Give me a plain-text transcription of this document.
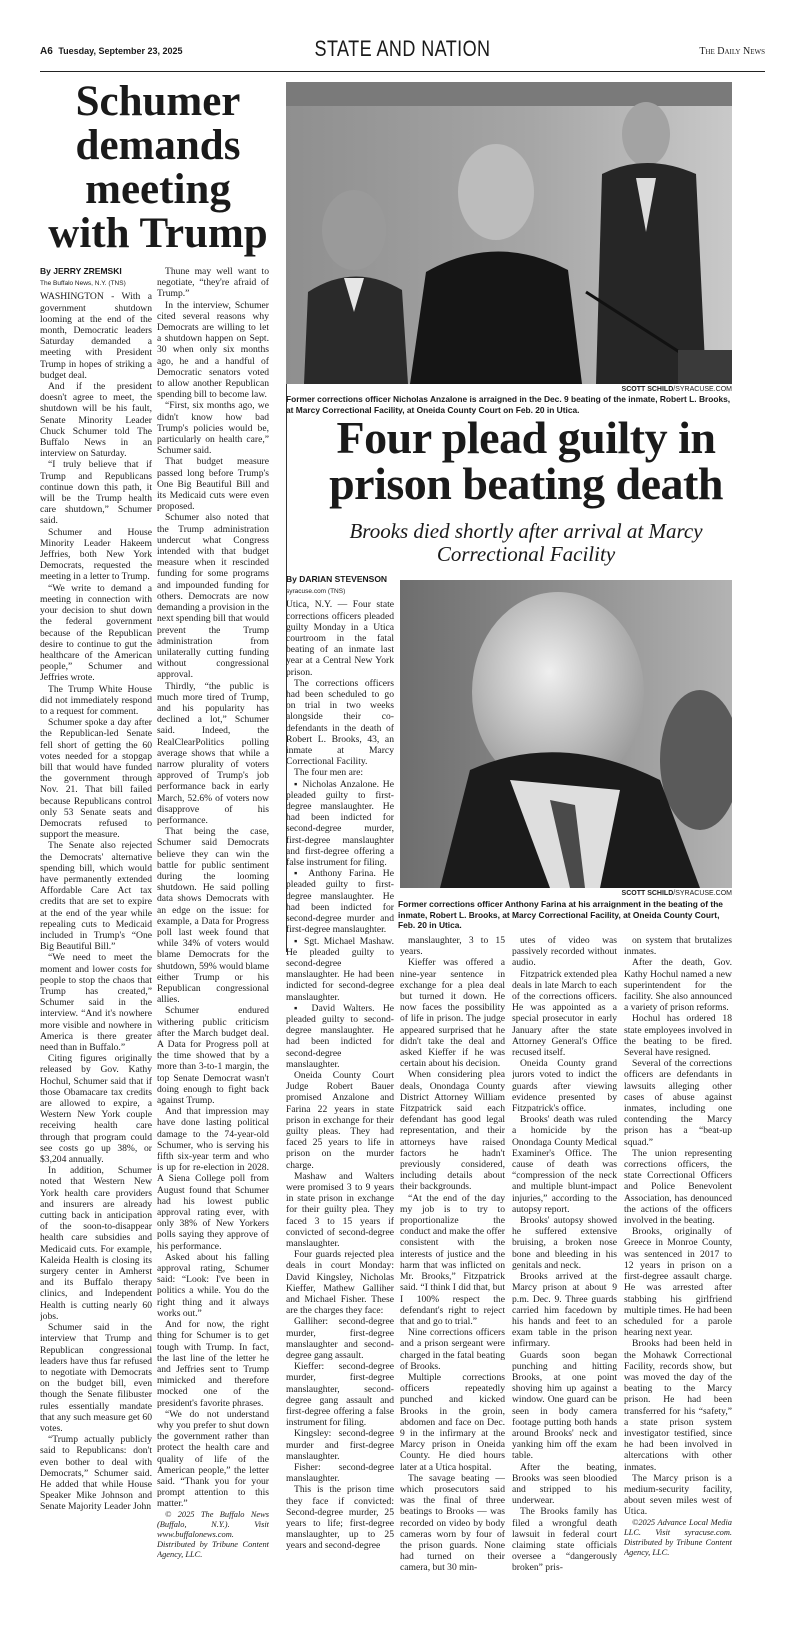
A6 Tuesday, September 23, 2025	STATE AND NATION	The Daily News
Schumer demands meeting with Trump
By JERRY ZREMSKI
The Buffalo News, N.Y. (TNS)

WASHINGTON - With a government shutdown looming at the end of the month, Democratic leaders Saturday demanded a meeting with President Trump in hopes of striking a budget deal.

And if the president doesn't agree to meet, the shutdown will be his fault, Senate Minority Leader Chuck Schumer told The Buffalo News in an interview on Saturday.

“I truly believe that if Trump and Republicans continue down this path, it will be the Trump health care shutdown,” Schumer said.

Schumer and House Minority Leader Hakeem Jeffries, both New York Democrats, requested the meeting in a letter to Trump.

“We write to demand a meeting in connection with your decision to shut down the federal government because of the Republican desire to continue to gut the healthcare of the American people,” Schumer and Jeffries wrote.

The Trump White House did not immediately respond to a request for comment.

Schumer spoke a day after the Republican-led Senate fell short of getting the 60 votes needed for a stopgap bill that would have funded the government through Nov. 21. That bill failed because Republicans control only 53 Senate seats and Democrats refused to support the measure.

The Senate also rejected the Democrats' alternative spending bill, which would have permanently extended Affordable Care Act tax credits that are set to expire at the end of the year while repealing cuts to Medicaid included in Trump's “One Big Beautiful Bill.”

“We need to meet the moment and lower costs for people to stop the chaos that Trump has created,” Schumer said in the interview. “And it's nowhere more visible and nowhere in America is there greater need than in Buffalo.”

Citing figures originally released by Gov. Kathy Hochul, Schumer said that if those Obamacare tax credits are allowed to expire, a Western New York couple receiving health care through that program could see costs go up 38%, or $3,204 annually.

In addition, Schumer noted that Western New York health care providers and insurers are already cutting back in anticipation of the soon-to-disappear health care subsidies and Medicaid cuts. For example, Kaleida Health is closing its surgery center in Amherst and its Buffalo therapy clinics, and Independent Health is cutting nearly 60 jobs.

Schumer said in the interview that Trump and Republican congressional leaders have thus far refused to negotiate with Democrats on the budget bill, even though the Senate filibuster rules essentially mandate that any such measure get 60 votes.

“Trump actually publicly said to Republicans: don't even bother to deal with Democrats,” Schumer said. He added that while House Speaker Mike Johnson and Senate Majority Leader John

Thune may well want to negotiate, “they're afraid of Trump.”

In the interview, Schumer cited several reasons why Democrats are willing to let a shutdown happen on Sept. 30 when only six months ago, he and a handful of Democratic senators voted to allow another Republican spending bill to become law.

“First, six months ago, we didn't know how bad Trump's policies would be, particularly on health care,” Schumer said.

That budget measure passed long before Trump's One Big Beautiful Bill and its Medicaid cuts were even proposed.

Schumer also noted that the Trump administration undercut what Congress intended with that budget measure when it rescinded funding for some programs and impounded funding for others. Democrats are now demanding a provision in the next spending bill that would prevent the Trump administration from unilaterally cutting funding without congressional approval.

Thirdly, “the public is much more tired of Trump, and his popularity has declined a lot,” Schumer said. Indeed, the RealClearPolitics polling average shows that while a narrow plurality of voters approved of Trump's job performance back in early March, 52.6% of voters now disapprove of his performance.

That being the case, Schumer said Democrats believe they can win the battle for public sentiment during the looming shutdown. He said polling data shows Democrats with an edge on the issue: for example, a Data for Progress poll last week found that while 34% of voters would blame Democrats for the shutdown, 59% would blame either Trump or his Republican congressional allies.

Schumer endured withering public criticism after the March budget deal. A Data for Progress poll at the time showed that by a more than 3-to-1 margin, the top Senate Democrat wasn't doing enough to fight back against Trump.

And that impression may have done lasting political damage to the 74-year-old Schumer, who is serving his fifth six-year term and who is up for re-election in 2028. A Siena College poll from August found that Schumer had his lowest public approval rating ever, with only 38% of New Yorkers polls saying they approve of his performance.

Asked about his falling approval rating, Schumer said: “Look: I've been in politics a while. You do the right thing and it always works out.”

And for now, the right thing for Schumer is to get tough with Trump. In fact, the last line of the letter he and Jeffries sent to Trump mimicked and therefore mocked one of the president's favorite phrases.

“We do not understand why you prefer to shut down the government rather than protect the health care and quality of life of the American people,” the letter said. “Thank you for your prompt attention to this matter.”

© 2025 The Buffalo News (Buffalo, N.Y.). Visit www.buffalonews.com. Distributed by Tribune Content Agency, LLC.

SCOTT SCHILD/SYRACUSE.COM
Former corrections officer Nicholas Anzalone is arraigned in the Dec. 9 beating of the inmate, Robert L. Brooks, at Marcy Correctional Facility, at Oneida County Court on Feb. 20 in Utica.
Four plead guilty in prison beating death
Brooks died shortly after arrival at Marcy Correctional Facility
SCOTT SCHILD/SYRACUSE.COM
Former corrections officer Anthony Farina at his arraignment in the beating of the inmate, Robert L. Brooks, at Marcy Correctional Facility, at Oneida County Court, Feb. 20 in Utica.
By DARIAN STEVENSON
syracuse.com (TNS)

Utica, N.Y. — Four state corrections officers pleaded guilty Monday in a Utica courtroom in the fatal beating of an inmate last year at a Central New York prison.

The corrections officers had been scheduled to go on trial in two weeks alongside their co-defendants in the death of Robert L. Brooks, 43, an inmate at Marcy Correctional Facility.

The four men are:

▪ Nicholas Anzalone. He pleaded guilty to first-degree manslaughter. He had been indicted for second-degree murder, first-degree manslaughter and first-degree offering a false instrument for filing.

▪ Anthony Farina. He pleaded guilty to first-degree manslaughter. He had been indicted for second-degree murder and first-degree manslaughter.

▪ Sgt. Michael Mashaw. He pleaded guilty to second-degree manslaughter. He had been indicted for second-degree manslaughter.

▪ David Walters. He pleaded guilty to second-degree manslaughter. He had been indicted for second-degree manslaughter.

Oneida County Court Judge Robert Bauer promised Anzalone and Farina 22 years in state prison in exchange for their guilty pleas. They had faced 25 years to life in prison on the murder charge.

Mashaw and Walters were promised 3 to 9 years in state prison in exchange for their guilty plea. They faced 3 to 15 years if convicted of second-degree manslaughter.

Four guards rejected plea deals in court Monday: David Kingsley, Nicholas Kieffer, Mathew Galliher and Michael Fisher. These are the charges they face:

Galliher: second-degree murder, first-degree manslaughter and second-degree gang assault.

Kieffer: second-degree murder, first-degree manslaughter, second-degree gang assault and first-degree offering a false instrument for filing.

Kingsley: second-degree murder and first-degree manslaughter.

Fisher: second-degree manslaughter.

This is the prison time they face if convicted: Second-degree murder, 25 years to life; first-degree manslaughter, up to 25 years and second-degree

manslaughter, 3 to 15 years.

Kieffer was offered a nine-year sentence in exchange for a plea deal but turned it down. He now faces the possibility of life in prison. The judge appeared surprised that he didn't take the deal and asked Kieffer if he was certain about his decision.

When considering plea deals, Onondaga County District Attorney William Fitzpatrick said each defendant has good legal representation, and their attorneys have raised factors he hadn't previously considered, including details about their backgrounds.

“At the end of the day my job is to try to proportionalize the conduct and make the offer consistent with the interests of justice and the harm that was inflicted on Mr. Brooks,” Fitzpatrick said. “I think I did that, but I 100% respect the defendant's right to reject that and go to trial.”

Nine corrections officers and a prison sergeant were charged in the fatal beating of Brooks.

Multiple corrections officers repeatedly punched and kicked Brooks in the groin, abdomen and face on Dec. 9 in the infirmary at the Marcy prison in Oneida County. He died hours later at a Utica hospital.

The savage beating — which prosecutors said was the final of three beatings to Brooks — was recorded on video by body cameras worn by four of the prison guards. None had turned on their camera, but 30 min-

utes of video was passively recorded without audio.

Fitzpatrick extended plea deals in late March to each of the corrections officers. He was appointed as a special prosecutor in early January after the state Attorney General's Office recused itself.

Oneida County grand jurors voted to indict the guards after viewing evidence presented by Fitzpatrick's office.

Brooks' death was ruled a homicide by the Onondaga County Medical Examiner's Office. The cause of death was “compression of the neck and multiple blunt-impact injuries,” according to the autopsy report.

Brooks' autopsy showed he suffered extensive bruising, a broken nose bone and bleeding in his genitals and neck.

Brooks arrived at the Marcy prison at about 9 p.m. Dec. 9. Three guards carried him facedown by his hands and feet to an exam table in the prison infirmary.

Guards soon began punching and hitting Brooks, at one point shoving him up against a window. One guard can be seen in body camera footage putting both hands around Brooks' neck and yanking him off the exam table.

After the beating, Brooks was seen bloodied and stripped to his underwear.

The Brooks family has filed a wrongful death lawsuit in federal court claiming state officials oversee a “dangerously broken” pris-

on system that brutalizes inmates.

After the death, Gov. Kathy Hochul named a new superintendent for the facility. She also announced a variety of prison reforms.

Hochul has ordered 18 state employees involved in the beating to be fired. Several have resigned.

Several of the corrections officers are defendants in lawsuits alleging other cases of abuse against inmates, including one contending the Marcy prison has a “beat-up squad.”

The union representing corrections officers, the state Correctional Officers and Police Benevolent Association, has denounced the actions of the officers involved in the beating.

Brooks, originally of Greece in Monroe County, was sentenced in 2017 to 12 years in prison on a first-degree assault charge. He was arrested after stabbing his girlfriend multiple times. He had been scheduled for a parole hearing next year.

Brooks had been held in the Mohawk Correctional Facility, records show, but was moved the day of the beating to the Marcy prison. He had been transferred for his “safety,” a state prison system investigator testified, since he had been involved in altercations with other inmates.

The Marcy prison is a medium-security facility, about seven miles west of Utica.

©2025 Advance Local Media LLC. Visit syracuse.com. Distributed by Tribune Content Agency, LLC.
